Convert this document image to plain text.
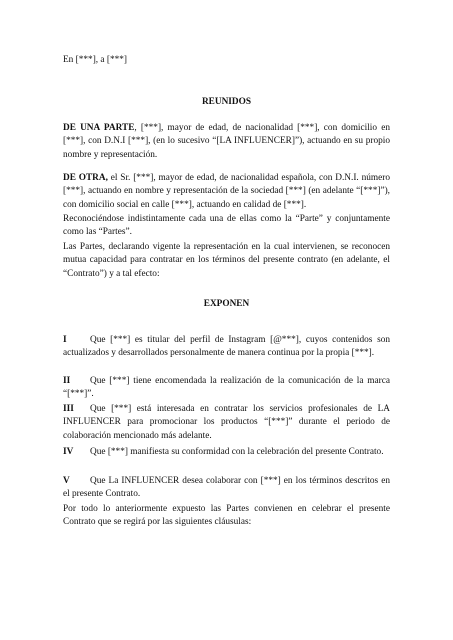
En [***], a [***]

REUNIDOS

DE UNA PARTE, [***], mayor de edad, de nacionalidad [***], con domicilio en [***], con D.N.I [***], (en lo sucesivo “[LA INFLUENCER]”), actuando en su propio nombre y representación.

DE OTRA, el Sr. [***], mayor de edad, de nacionalidad española, con D.N.I. número [***], actuando en nombre y representación de la sociedad [***] (en adelante “[***]”), con domicilio social en calle [***], actuando en calidad de [***].

Reconociéndose indistintamente cada una de ellas como la “Parte” y conjuntamente como las “Partes”.

Las Partes, declarando vigente la representación en la cual intervienen, se reconocen mutua capacidad para contratar en los términos del presente contrato (en adelante, el “Contrato”) y a tal efecto:

EXPONEN

I	Que [***] es titular del perfil de Instagram [@***], cuyos contenidos son actualizados y desarrollados personalmente de manera continua por la propia [***].

II Que [***] tiene encomendada la realización de la comunicación de la marca “[***]”.

III Que [***] está interesada en contratar los servicios profesionales de LA INFLUENCER para promocionar los productos “[***]” durante el periodo de colaboración mencionado más adelante.

IV Que [***] manifiesta su conformidad con la celebración del presente Contrato.

V Que La INFLUENCER desea colaborar con [***] en los términos descritos en el presente Contrato.

Por todo lo anteriormente expuesto las Partes convienen en celebrar el presente Contrato que se regirá por las siguientes cláusulas:
